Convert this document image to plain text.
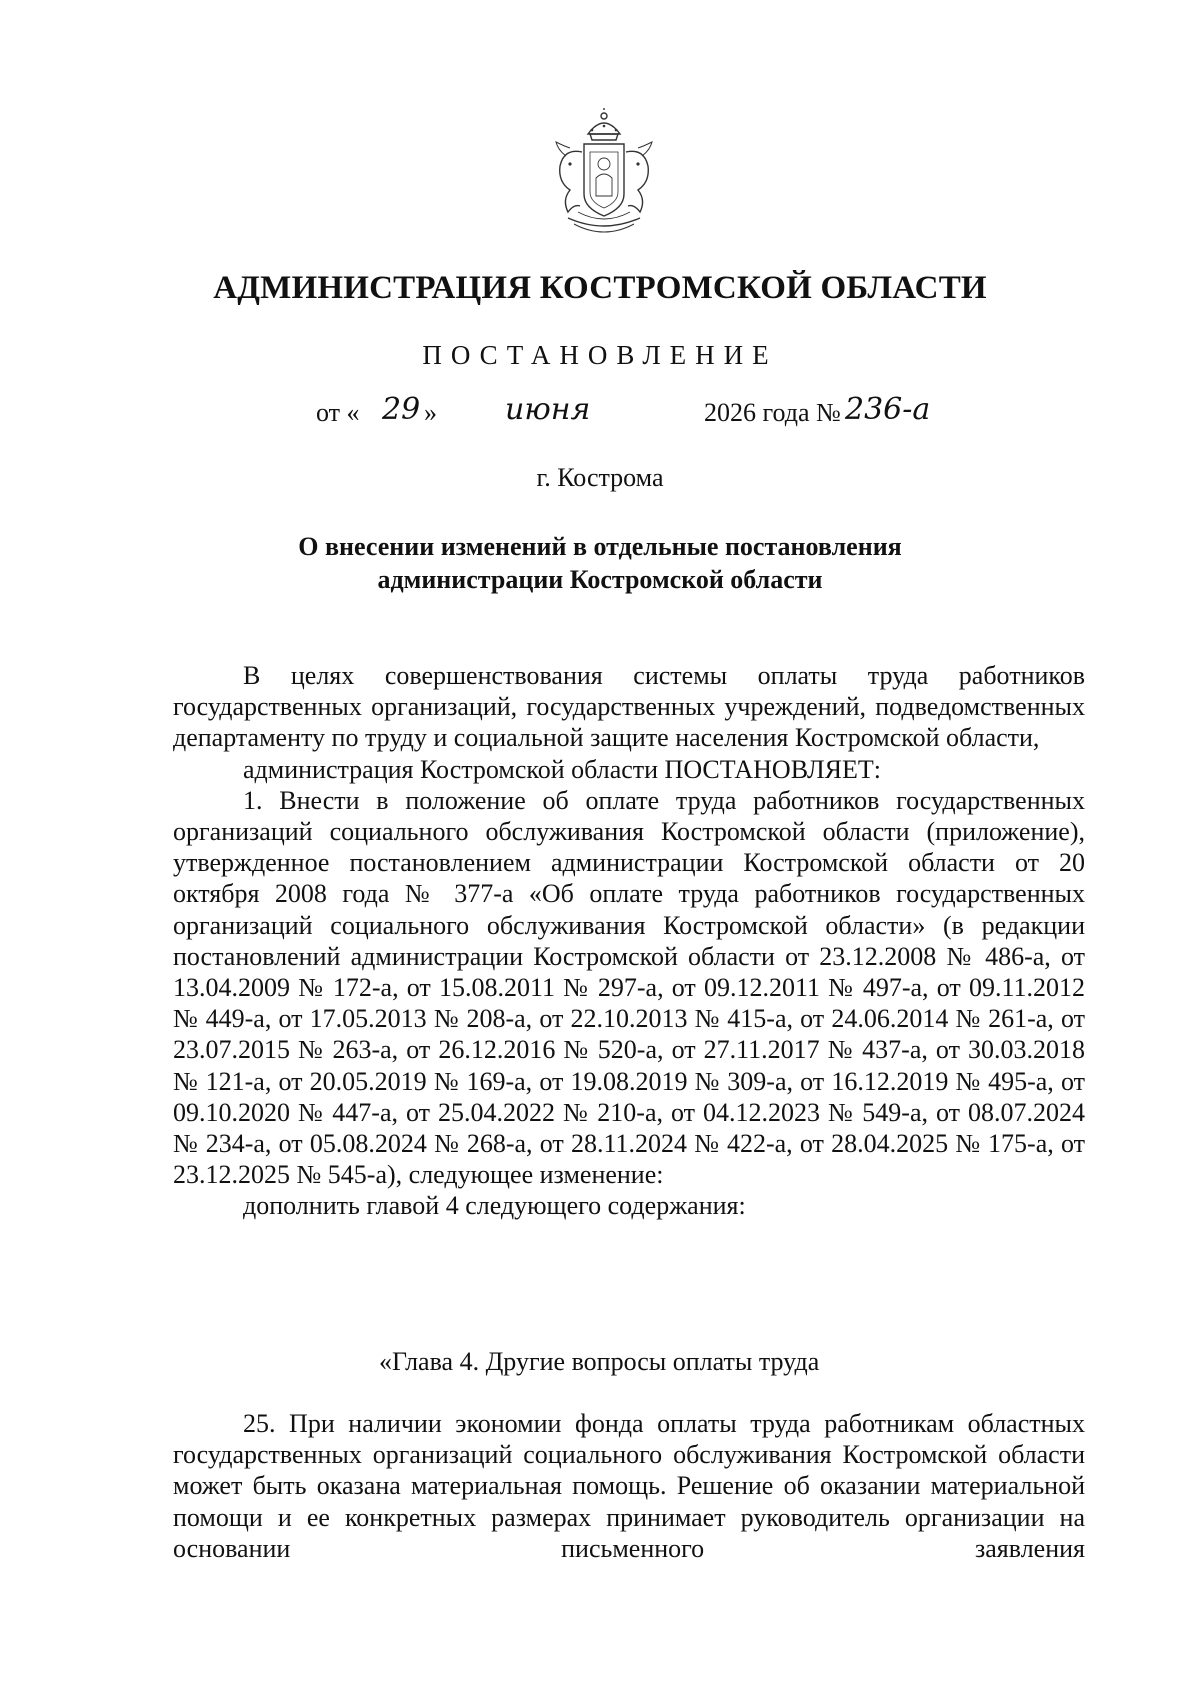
АДМИНИСТРАЦИЯ КОСТРОМСКОЙ ОБЛАСТИ
ПОСТАНОВЛЕНИЕ
от « 29 » июня	2026 года № 236-а
г. Кострома
О внесении изменений в отдельные постановления
администрации Костромской области

В целях совершенствования системы оплаты труда работников государственных организаций, государственных учреждений, подведомственных департаменту по труду и социальной защите населения Костромской области,

администрация Костромской области ПОСТАНОВЛЯЕТ:

1. Внести в положение об оплате труда работников государственных организаций социального обслуживания Костромской области (приложение), утвержденное постановлением администрации Костромской области от 20 октября 2008 года № 377-а «Об оплате труда работников государственных организаций социального обслуживания Костромской области» (в редакции постановлений администрации Костромской области от 23.12.2008 № 486-а, от 13.04.2009 № 172-а, от 15.08.2011 № 297-а, от 09.12.2011 № 497-а, от 09.11.2012 № 449-а, от 17.05.2013 № 208-а, от 22.10.2013 № 415-а, от 24.06.2014 № 261-а, от 23.07.2015 № 263-а, от 26.12.2016 № 520-а, от 27.11.2017 № 437-а, от 30.03.2018 № 121-а, от 20.05.2019 № 169-а, от 19.08.2019 № 309-а, от 16.12.2019 № 495-а, от 09.10.2020 № 447-а, от 25.04.2022 № 210-а, от 04.12.2023 № 549-а, от 08.07.2024 № 234-а, от 05.08.2024 № 268-а, от 28.11.2024 № 422-а, от 28.04.2025 № 175-а, от 23.12.2025 № 545-а), следующее изменение:

дополнить главой 4 следующего содержания:

«Глава 4. Другие вопросы оплаты труда

25. При наличии экономии фонда оплаты труда работникам областных государственных организаций социального обслуживания Костромской области может быть оказана материальная помощь. Решение об оказании материальной помощи и ее конкретных размерах принимает руководитель организации на основании письменного заявления
